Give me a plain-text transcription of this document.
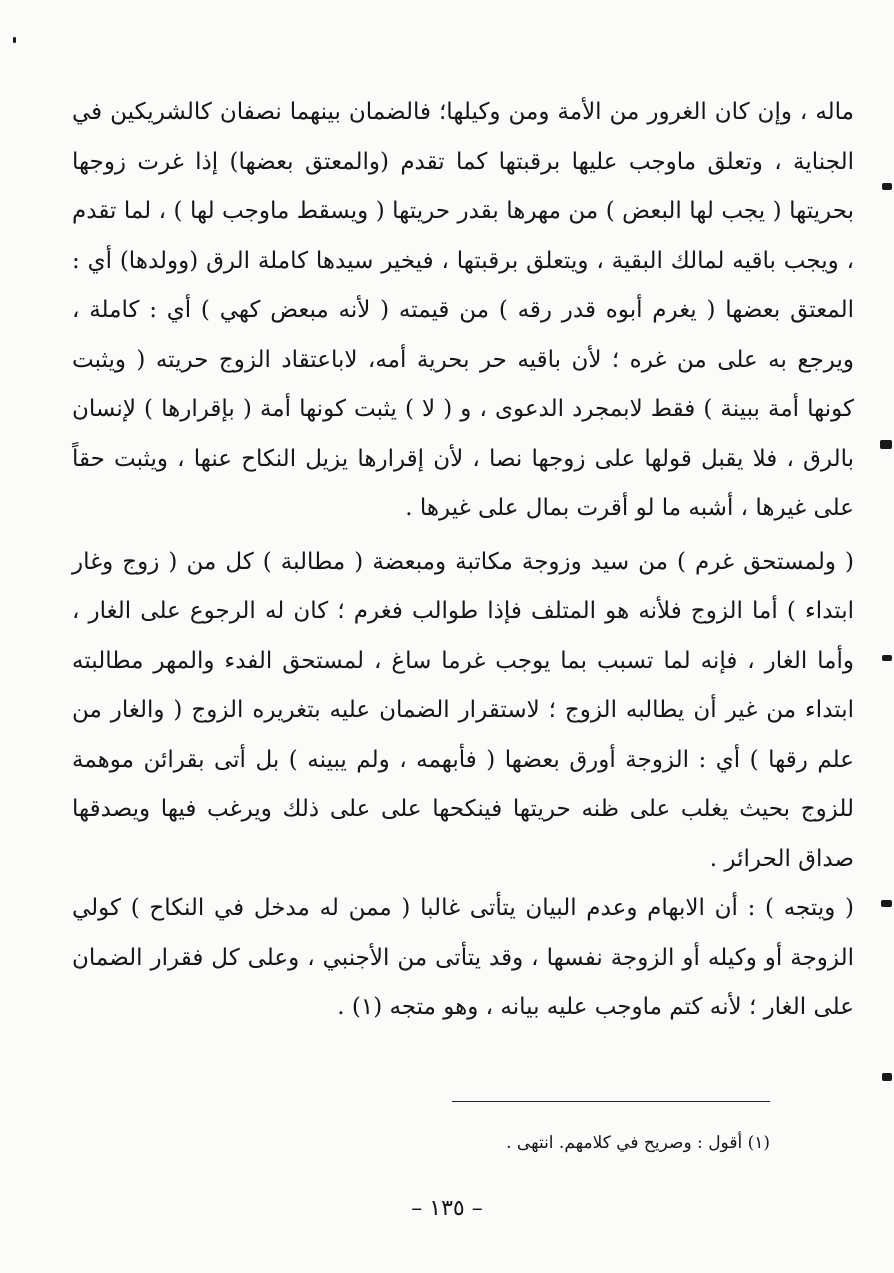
ماله ، وإن كان الغرور من الأمة ومن وكيلها؛ فالضمان بينهما نصفان كالشريكين في الجناية ، وتعلق ماوجب عليها برقبتها كما تقدم (والمعتق بعضها) إذا غرت زوجها بحريتها ( يجب لها البعض ) من مهرها بقدر حريتها ( ويسقط ماوجب لها ) ، لما تقدم ، ويجب باقيه لمالك البقية ، ويتعلق برقبتها ، فيخير سيدها كاملة الرق (وولدها) أي : المعتق بعضها ( يغرم أبوه قدر رقه ) من قيمته ( لأنه مبعض كهي ) أي : كاملة ، ويرجع به على من غره ؛ لأن باقيه حر بحرية أمه، لاباعتقاد الزوج حريته ( ويثبت كونها أمة ببينة ) فقط لابمجرد الدعوى ، و ( لا ) يثبت كونها أمة ( بإقرارها ) لإنسان بالرق ، فلا يقبل قولها على زوجها نصا ، لأن إقرارها يزيل النكاح عنها ، ويثبت حقاً على غيرها ، أشبه ما لو أقرت بمال على غيرها .

( ولمستحق غرم ) من سيد وزوجة مكاتبة ومبعضة ( مطالبة ) كل من ( زوج وغار ابتداء ) أما الزوج فلأنه هو المتلف فإذا طوالب فغرم ؛ كان له الرجوع على الغار ، وأما الغار ، فإنه لما تسبب بما يوجب غرما ساغ ، لمستحق الفدء والمهر مطالبته ابتداء من غير أن يطالبه الزوج ؛ لاستقرار الضمان عليه بتغريره الزوج ( والغار من علم رقها ) أي : الزوجة أورق بعضها ( فأبهمه ، ولم يبينه ) بل أتى بقرائن موهمة للزوج بحيث يغلب على ظنه حريتها فينكحها على على ذلك ويرغب فيها ويصدقها صداق الحرائر .

( ويتجه ) : أن الابهام وعدم البيان يتأتى غالبا ( ممن له مدخل في النكاح ) كولي الزوجة أو وكيله أو الزوجة نفسها ، وقد يتأتى من الأجنبي ، وعلى كل فقرار الضمان على الغار ؛ لأنه كتم ماوجب عليه بيانه ، وهو متجه (١) .

(١) أقول : وصريح في كلامهم. انتهى .
– ١٣٥ –
